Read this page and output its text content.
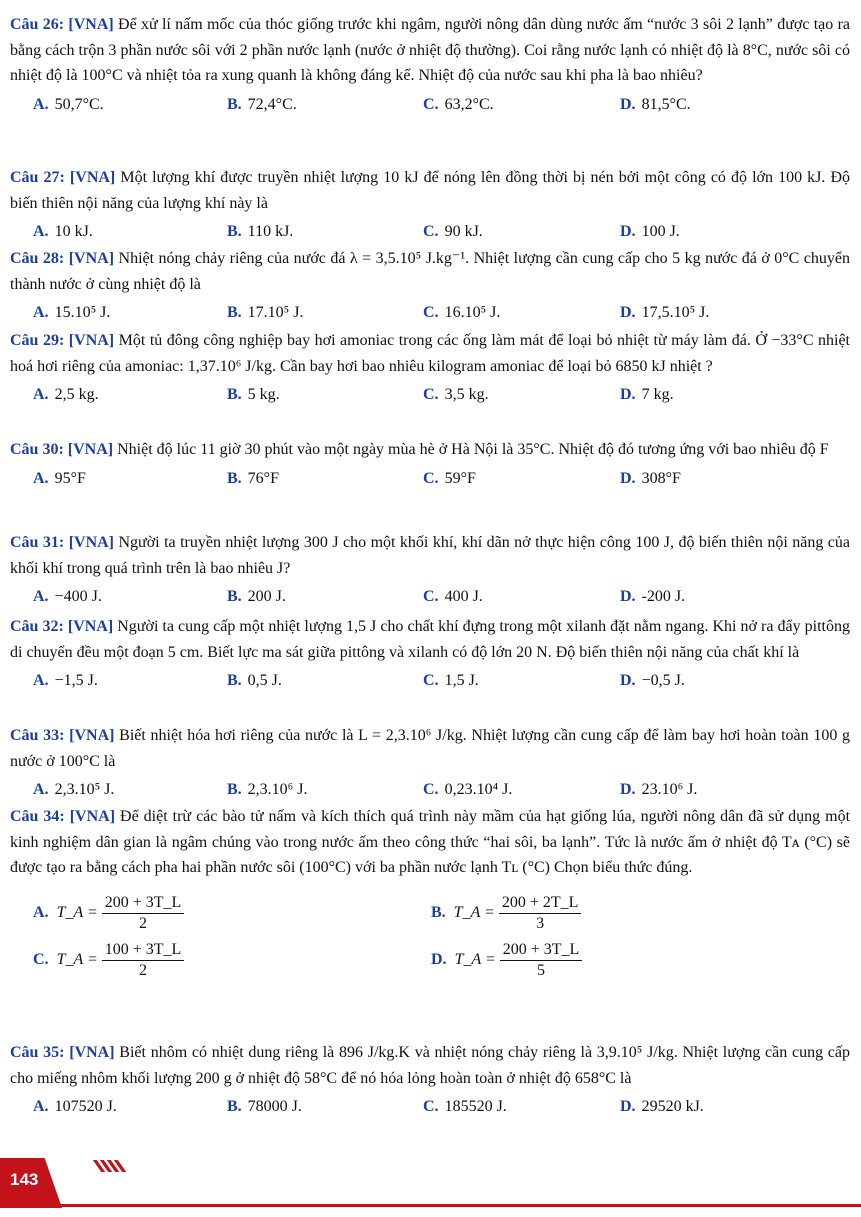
Câu 26: [VNA] Để xử lí nấm mốc của thóc giống trước khi ngâm, người nông dân dùng nước ấm “nước 3 sôi 2 lạnh” được tạo ra bằng cách trộn 3 phần nước sôi với 2 phần nước lạnh (nước ở nhiệt độ thường). Coi rằng nước lạnh có nhiệt độ là 8°C, nước sôi có nhiệt độ là 100°C và nhiệt tỏa ra xung quanh là không đáng kể. Nhiệt độ của nước sau khi pha là bao nhiêu?

A. 50,7°C.	B. 72,4°C.	C. 63,2°C.	D. 81,5°C.

Câu 27: [VNA] Một lượng khí được truyền nhiệt lượng 10 kJ để nóng lên đồng thời bị nén bởi một công có độ lớn 100 kJ. Độ biến thiên nội năng của lượng khí này là

A. 10 kJ.	B. 110 kJ.	C. 90 kJ.	D. 100 J.

Câu 28: [VNA] Nhiệt nóng chảy riêng của nước đá λ = 3,5.10⁵ J.kg⁻¹. Nhiệt lượng cần cung cấp cho 5 kg nước đá ở 0°C chuyển thành nước ở cùng nhiệt độ là

A. 15.10⁵ J.	B. 17.10⁵ J.	C. 16.10⁵ J.	D. 17,5.10⁵ J.

Câu 29: [VNA] Một tủ đông công nghiệp bay hơi amoniac trong các ống làm mát để loại bỏ nhiệt từ máy làm đá. Ở −33°C nhiệt hoá hơi riêng của amoniac: 1,37.10⁶ J/kg. Cần bay hơi bao nhiêu kilogram amoniac để loại bỏ 6850 kJ nhiệt ?

A. 2,5 kg.	B. 5 kg.	C. 3,5 kg.	D. 7 kg.

Câu 30: [VNA] Nhiệt độ lúc 11 giờ 30 phút vào một ngày mùa hè ở Hà Nội là 35°C. Nhiệt độ đó tương ứng với bao nhiêu độ F

A. 95°F	B. 76°F	C. 59°F	D. 308°F

Câu 31: [VNA] Người ta truyền nhiệt lượng 300 J cho một khối khí, khí dãn nở thực hiện công 100 J, độ biến thiên nội năng của khối khí trong quá trình trên là bao nhiêu J?

A. −400 J.	B. 200 J.	C. 400 J.	D. -200 J.

Câu 32: [VNA] Người ta cung cấp một nhiệt lượng 1,5 J cho chất khí đựng trong một xilanh đặt nằm ngang. Khi nở ra đẩy pittông di chuyển đều một đoạn 5 cm. Biết lực ma sát giữa pittông và xilanh có độ lớn 20 N. Độ biến thiên nội năng của chất khí là

A. −1,5 J.	B. 0,5 J.	C. 1,5 J.	D. −0,5 J.

Câu 33: [VNA] Biết nhiệt hóa hơi riêng của nước là L = 2,3.10⁶ J/kg. Nhiệt lượng cần cung cấp để làm bay hơi hoàn toàn 100 g nước ở 100°C là

A. 2,3.10⁵ J.	B. 2,3.10⁶ J.	C. 0,23.10⁴ J.	D. 23.10⁶ J.

Câu 34: [VNA] Để diệt trừ các bào tử nấm và kích thích quá trình này mầm của hạt giống lúa, người nông dân đã sử dụng một kinh nghiệm dân gian là ngâm chúng vào trong nước ấm theo công thức “hai sôi, ba lạnh”. Tức là nước ấm ở nhiệt độ Tᴀ (°C) sẽ được tạo ra bằng cách pha hai phần nước sôi (100°C) với ba phần nước lạnh Tʟ (°C) Chọn biểu thức đúng.

A. T_A = $\frac{200 + 3T\_L}{2}$	B. T_A = $\frac{200 + 2T\_L}{3}$
C. T_A = $\frac{100 + 3T\_L}{2}$	D. T_A = $\frac{200 + 3T\_L}{5}$

Câu 35: [VNA] Biết nhôm có nhiệt dung riêng là 896 J/kg.K và nhiệt nóng chảy riêng là 3,9.10⁵ J/kg. Nhiệt lượng cần cung cấp cho miếng nhôm khối lượng 200 g ở nhiệt độ 58°C để nó hóa lỏng hoàn toàn ở nhiệt độ 658°C là

A. 107520 J.	B. 78000 J.	C. 185520 J.	D. 29520 kJ.
143
